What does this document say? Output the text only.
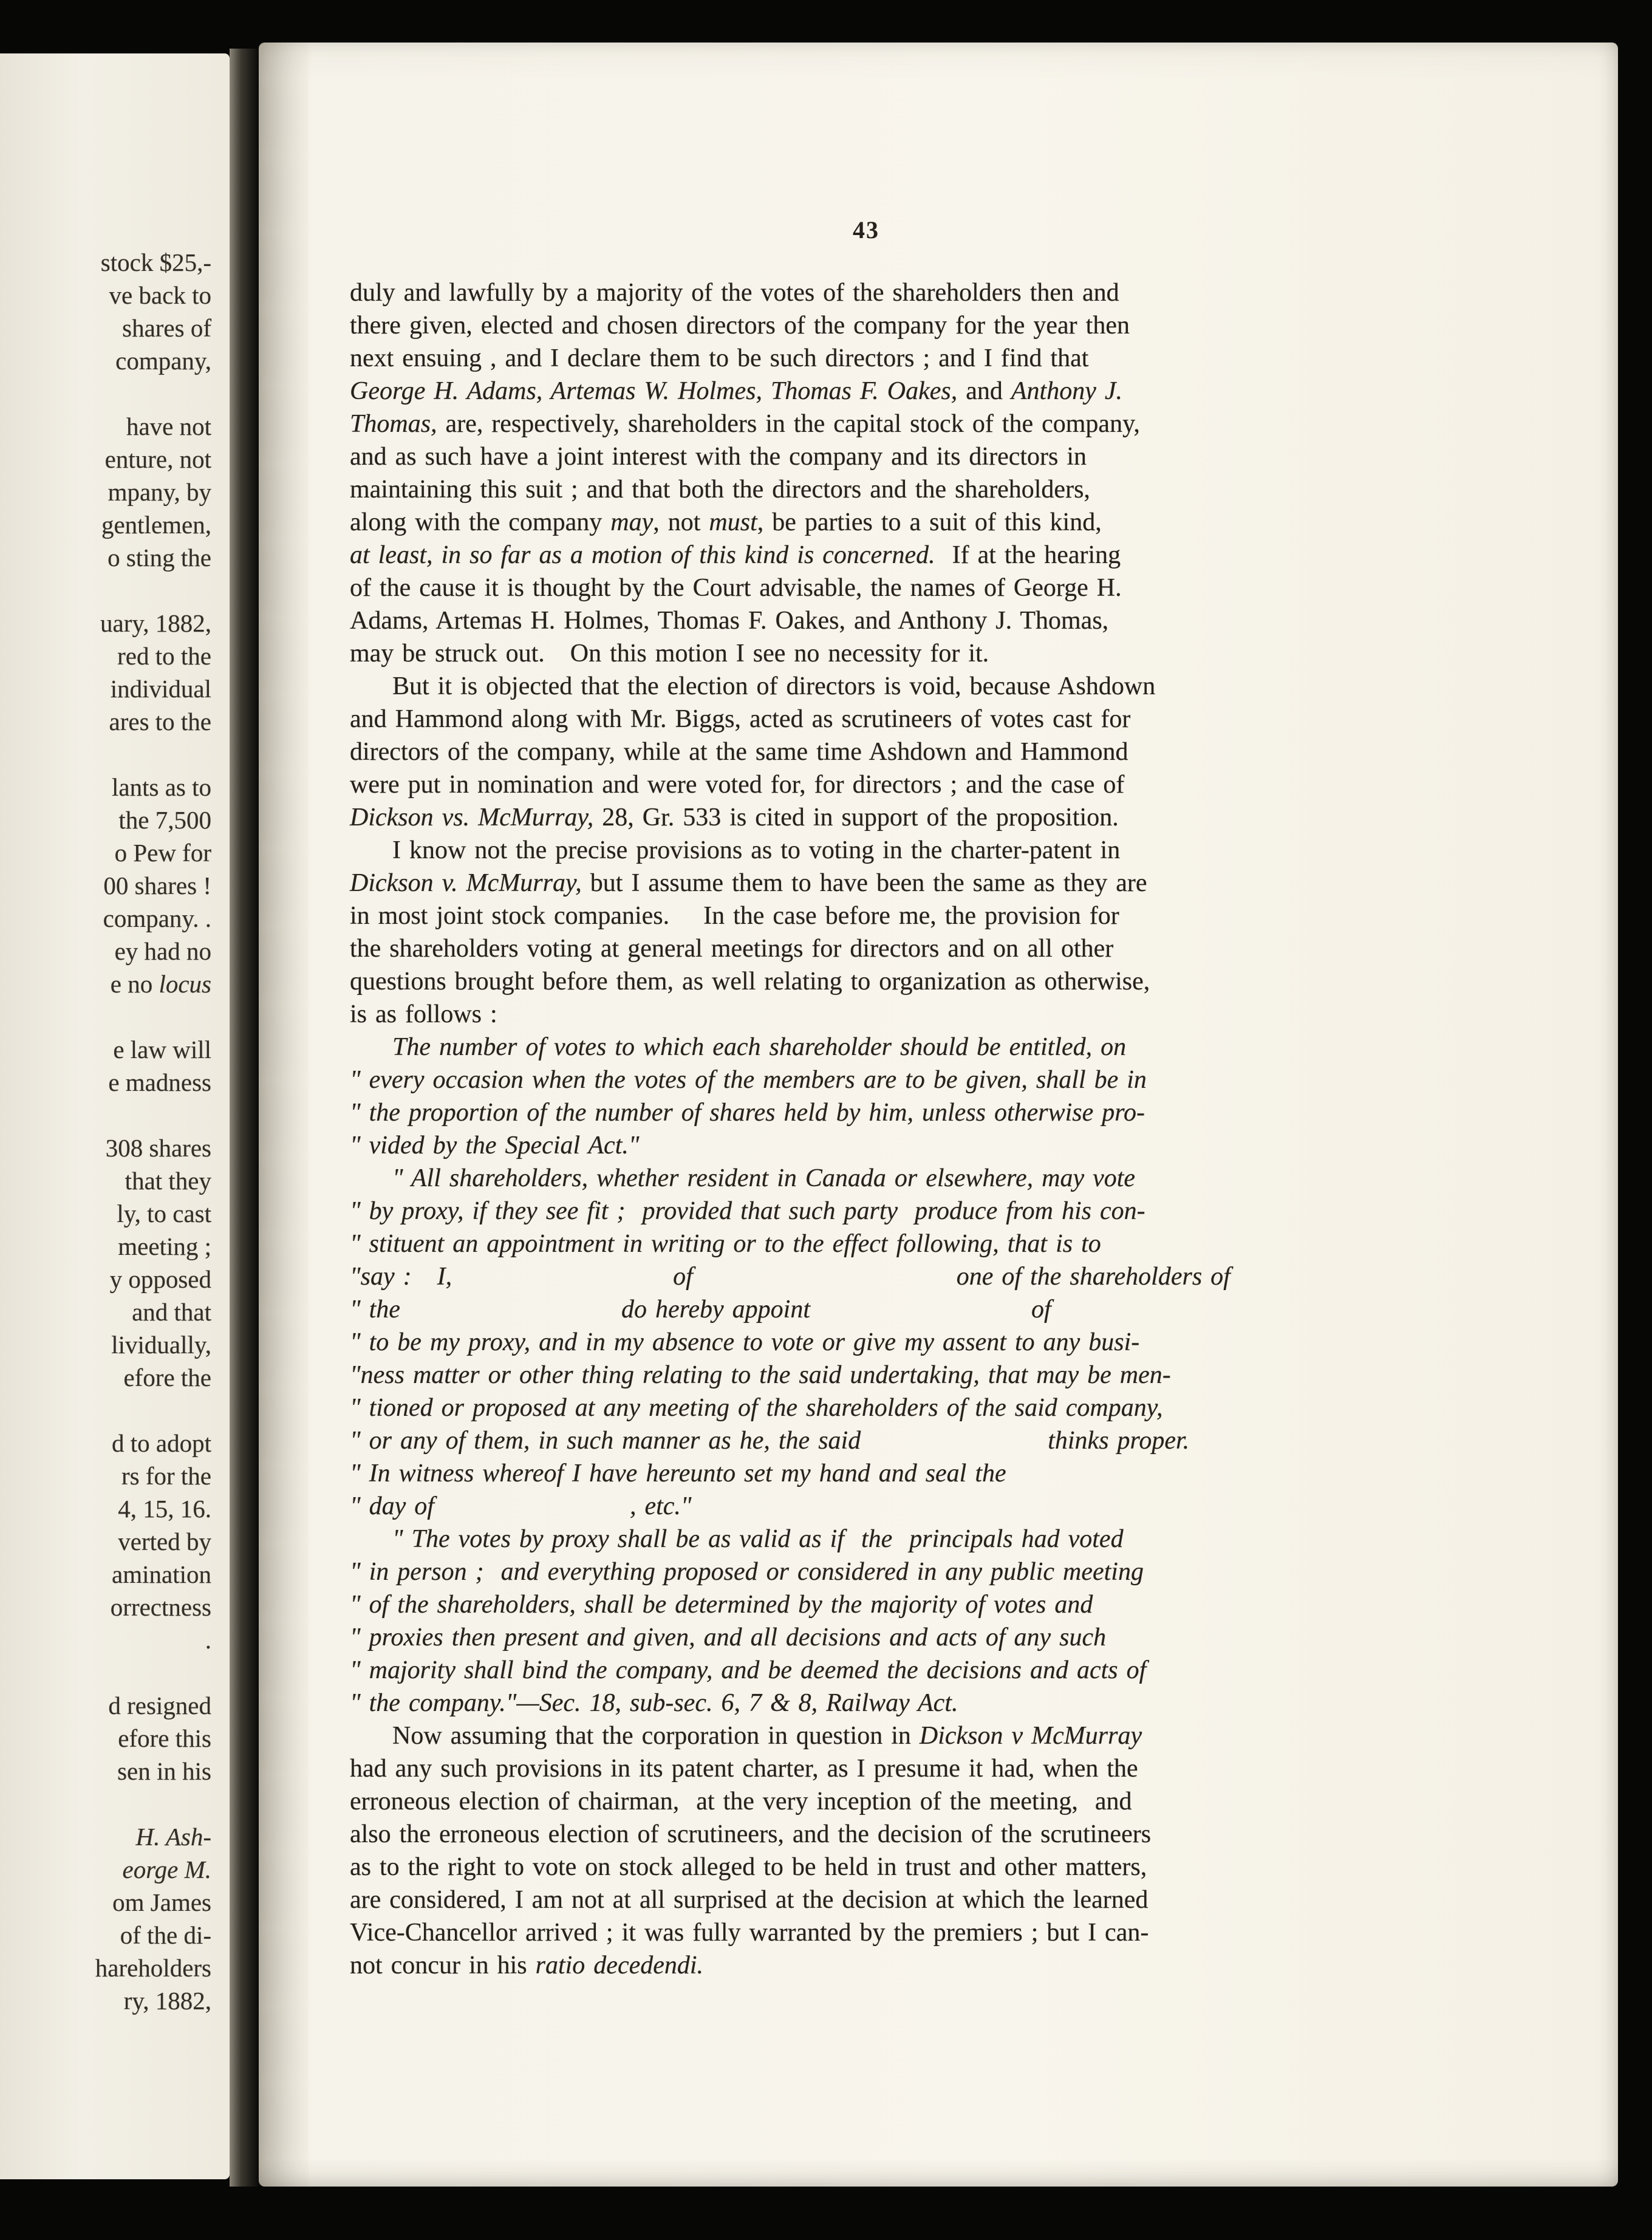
stock $25,-
ve back to
shares of
company,
have not
enture, not
mpany, by
gentlemen,
o sting the
uary, 1882,
red to the
individual
ares to the
lants as to
the 7,500
o Pew for
00 shares !
company. .
ey had no
e no locus
e law will
e madness
308 shares
that they
ly, to cast
meeting ;
y opposed
and that
lividually,
efore the
d to adopt
rs for the
4, 15, 16.
verted by
amination
orrectness
.
d resigned
efore this
sen in his
H. Ash-
eorge M.
om James
of the di-
hareholders
ry, 1882,
43
duly and lawfully by a majority of the votes of the shareholders then and
there given, elected and chosen directors of the company for the year then
next ensuing , and I declare them to be such directors ; and I find that
George H. Adams, Artemas W. Holmes, Thomas F. Oakes, and Anthony J.
Thomas, are, respectively, shareholders in the capital stock of the company,
and as such have a joint interest with the company and its directors in
maintaining this suit ; and that both the directors and the shareholders,
along with the company may, not must, be parties to a suit of this kind,
at least, in so far as a motion of this kind is concerned.  If at the hearing
of the cause it is thought by the Court advisable, the names of George H.
Adams, Artemas H. Holmes, Thomas F. Oakes, and Anthony J. Thomas,
may be struck out.   On this motion I see no necessity for it.
But it is objected that the election of directors is void, because Ashdown
and Hammond along with Mr. Biggs, acted as scrutineers of votes cast for
directors of the company, while at the same time Ashdown and Hammond
were put in nomination and were voted for, for directors ; and the case of
Dickson vs. McMurray, 28, Gr. 533 is cited in support of the proposition.
I know not the precise provisions as to voting in the charter-patent in
Dickson v. McMurray, but I assume them to have been the same as they are
in most joint stock companies.    In the case before me, the provision for
the shareholders voting at general meetings for directors and on all other
questions brought before them, as well relating to organization as otherwise,
is as follows :
The number of votes to which each shareholder should be entitled, on
" every occasion when the votes of the members are to be given, shall be in
" the proportion of the number of shares held by him, unless otherwise pro-
" vided by the Special Act."
" All shareholders, whether resident in Canada or elsewhere, may vote
" by proxy, if they see fit ;  provided that such party  produce from his con-
" stituent an appointment in writing or to the effect following, that is to
"say :   I,                          of                               one of the shareholders of
" the                          do hereby appoint                          of
" to be my proxy, and in my absence to vote or give my assent to any busi-
"ness matter or other thing relating to the said undertaking, that may be men-
" tioned or proposed at any meeting of the shareholders of the said company,
" or any of them, in such manner as he, the said                      thinks proper.
" In witness whereof I have hereunto set my hand and seal the
" day of                       , etc."
" The votes by proxy shall be as valid as if  the  principals had voted
" in person ;  and everything proposed or considered in any public meeting
" of the shareholders, shall be determined by the majority of votes and
" proxies then present and given, and all decisions and acts of any such
" majority shall bind the company, and be deemed the decisions and acts of
" the company."—Sec. 18, sub-sec. 6, 7 & 8, Railway Act.
Now assuming that the corporation in question in Dickson v McMurray
had any such provisions in its patent charter, as I presume it had, when the
erroneous election of chairman,  at the very inception of the meeting,  and
also the erroneous election of scrutineers, and the decision of the scrutineers
as to the right to vote on stock alleged to be held in trust and other matters,
are considered, I am not at all surprised at the decision at which the learned
Vice-Chancellor arrived ; it was fully warranted by the premiers ; but I can-
not concur in his ratio decedendi.
